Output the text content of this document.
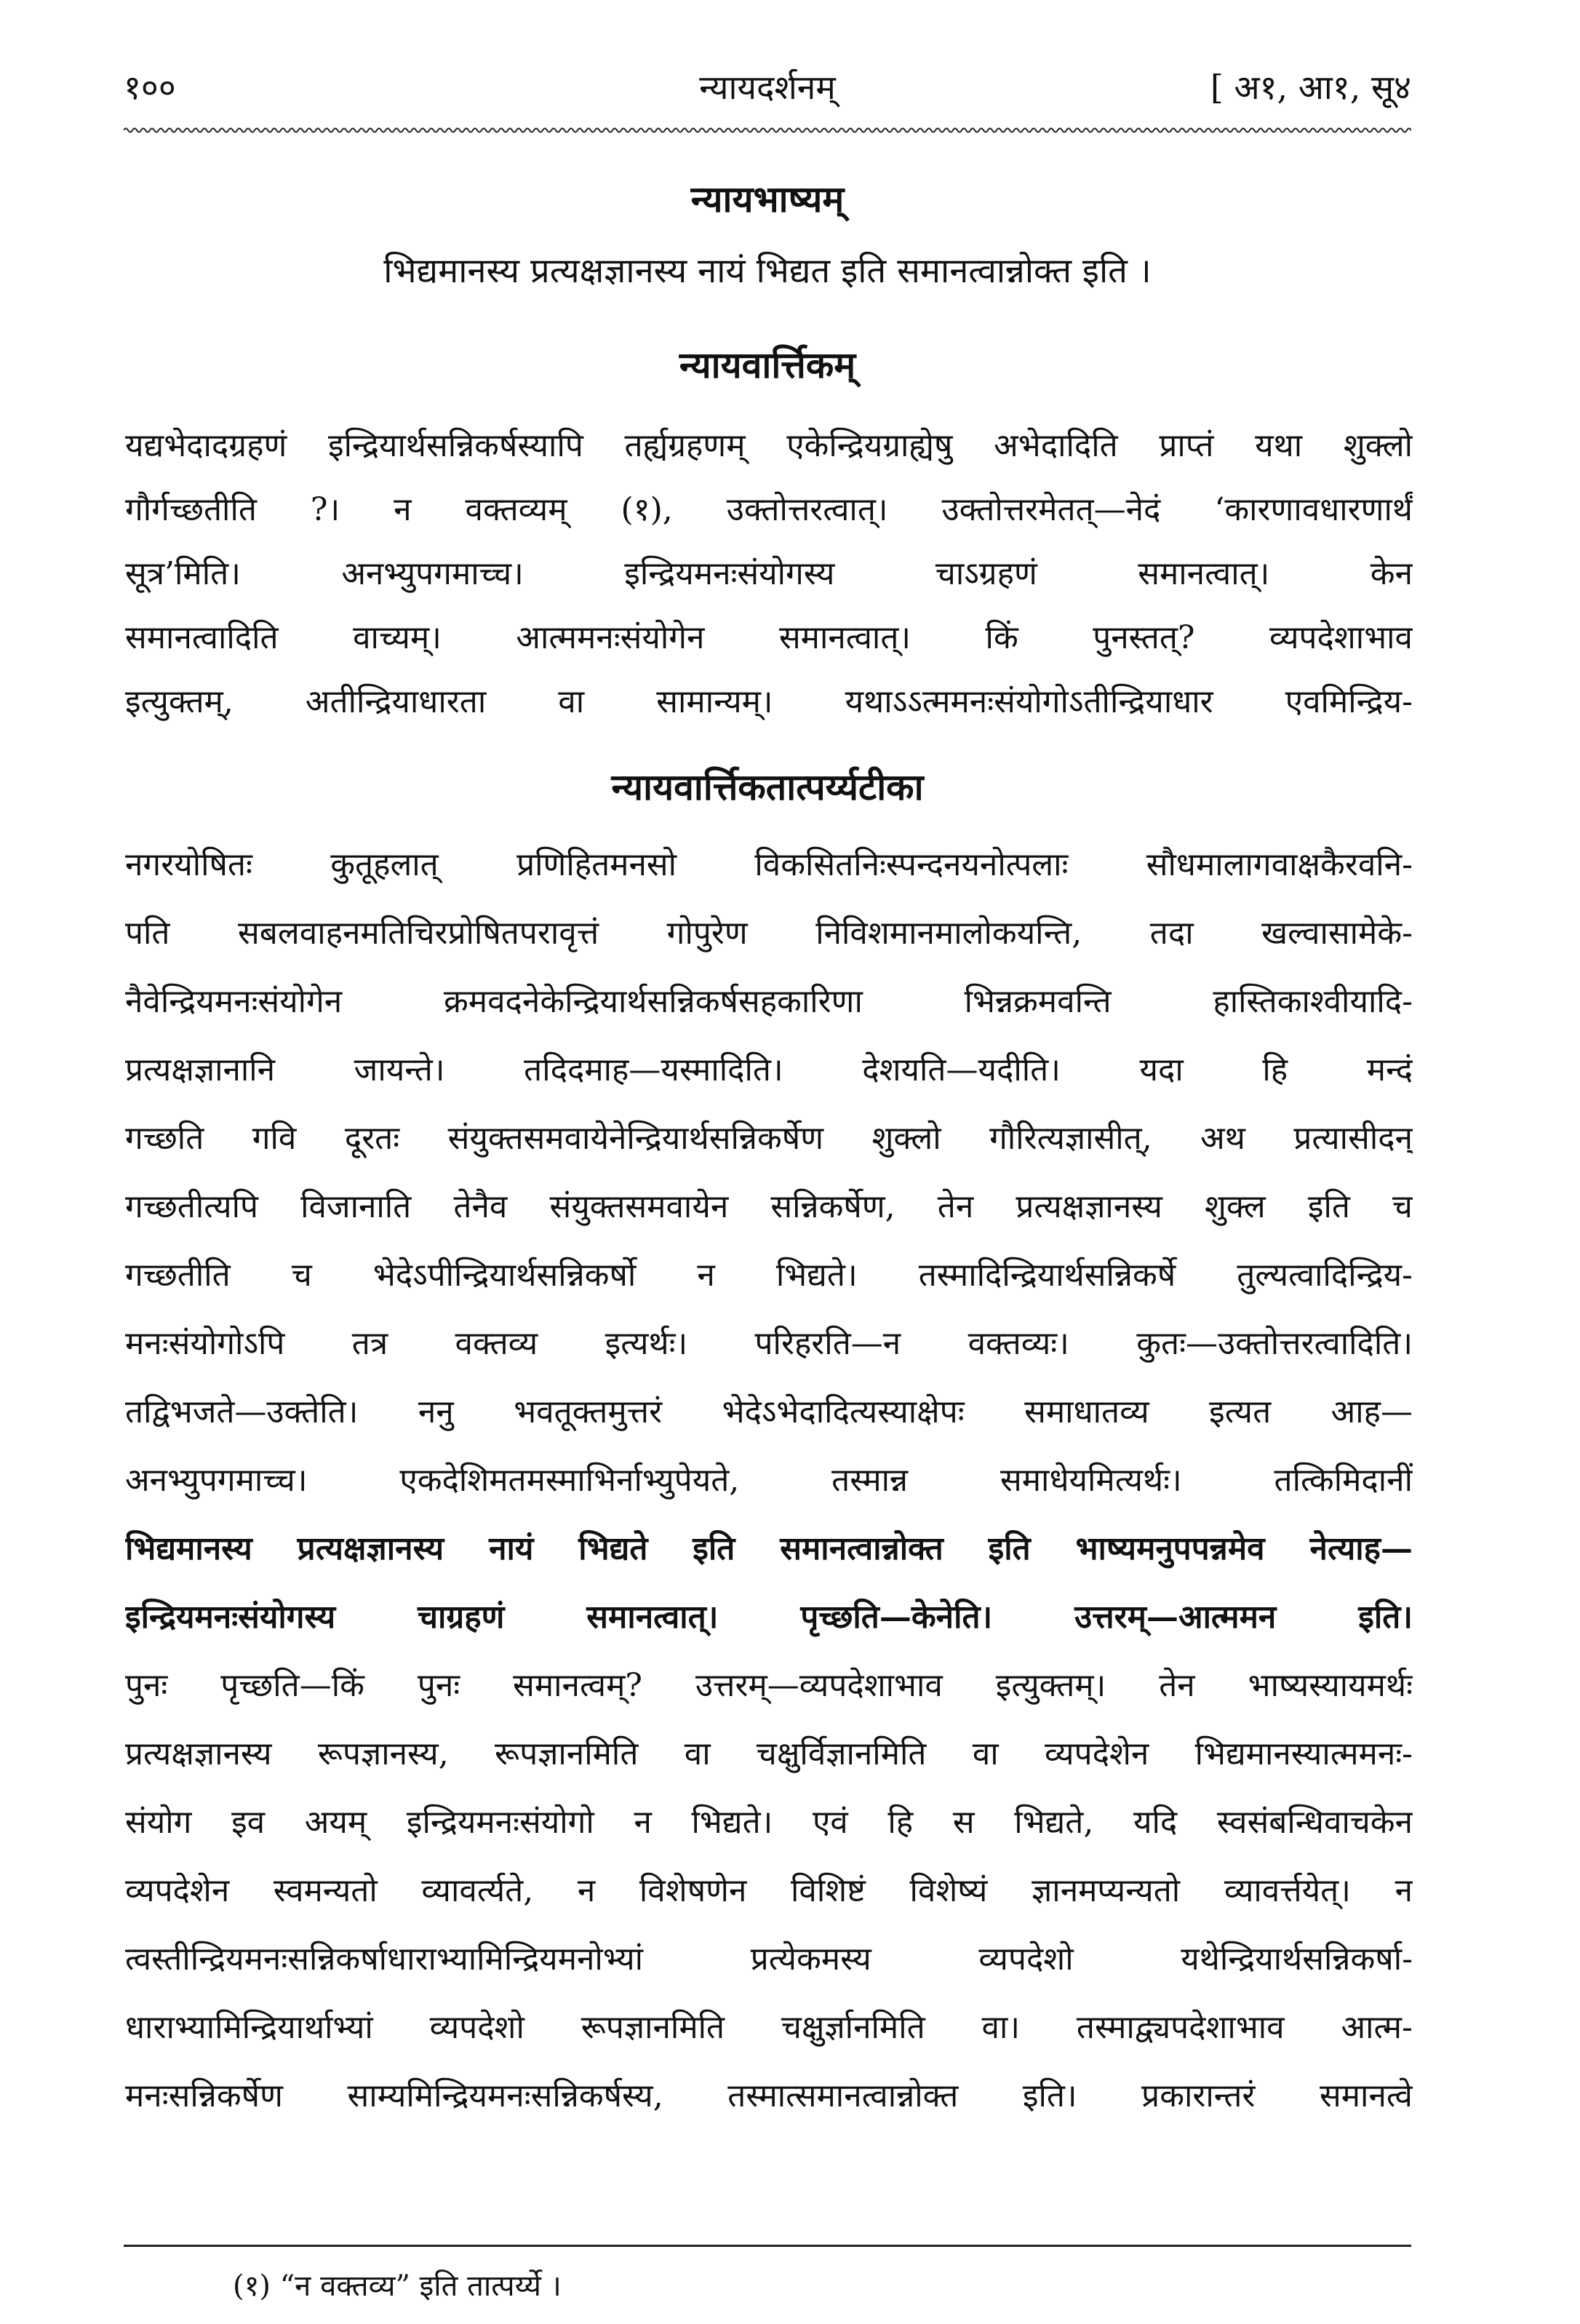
१००	न्यायदर्शनम्	[ अ१, आ१, सू४
न्यायभाष्यम्
भिद्यमानस्य प्रत्यक्षज्ञानस्य नायं भिद्यत इति समानत्वान्नोक्त इति ।
न्यायवार्त्तिकम्
यद्यभेदादग्रहणं इन्द्रियार्थसन्निकर्षस्यापि तर्ह्यग्रहणम् एकेन्द्रियग्राह्येषु अभेदादिति प्राप्तं यथा शुक्लो
गौर्गच्छतीति ?। न वक्तव्यम् (१), उक्तोत्तरत्वात्। उक्तोत्तरमेतत्—नेदं ‘कारणावधारणार्थं
सूत्र’मिति। अनभ्युपगमाच्च। इन्द्रियमनःसंयोगस्य चाऽग्रहणं समानत्वात्। केन
समानत्वादिति वाच्यम्। आत्ममनःसंयोगेन समानत्वात्। किं पुनस्तत्? व्यपदेशाभाव
इत्युक्तम्, अतीन्द्रियाधारता वा सामान्यम्। यथाऽऽत्ममनःसंयोगोऽतीन्द्रियाधार एवमिन्द्रिय-
न्यायवार्त्तिकतात्पर्य्यटीका
नगरयोषितः कुतूहलात् प्रणिहितमनसो विकसितनिःस्पन्दनयनोत्पलाः सौधमालागवाक्षकैरवनि-
पति सबलवाहनमतिचिरप्रोषितपरावृत्तं गोपुरेण निविशमानमालोकयन्ति, तदा खल्वासामेके-
नैवेन्द्रियमनःसंयोगेन क्रमवदनेकेन्द्रियार्थसन्निकर्षसहकारिणा भिन्नक्रमवन्ति हास्तिकाश्वीयादि-
प्रत्यक्षज्ञानानि जायन्ते। तदिदमाह—यस्मादिति। देशयति—यदीति। यदा हि मन्दं
गच्छति गवि दूरतः संयुक्तसमवायेनेन्द्रियार्थसन्निकर्षेण शुक्लो गौरित्यज्ञासीत्, अथ प्रत्यासीदन्
गच्छतीत्यपि विजानाति तेनैव संयुक्तसमवायेन सन्निकर्षेण, तेन प्रत्यक्षज्ञानस्य शुक्ल इति च
गच्छतीति च भेदेऽपीन्द्रियार्थसन्निकर्षो न भिद्यते। तस्मादिन्द्रियार्थसन्निकर्षे तुल्यत्वादिन्द्रिय-
मनःसंयोगोऽपि तत्र वक्तव्य इत्यर्थः। परिहरति—न वक्तव्यः। कुतः—उक्तोत्तरत्वादिति।
तद्विभजते—उक्तेति। ननु भवतूक्तमुत्तरं भेदेऽभेदादित्यस्याक्षेपः समाधातव्य इत्यत आह—
अनभ्युपगमाच्च। एकदेशिमतमस्माभिर्नाभ्युपेयते, तस्मान्न समाधेयमित्यर्थः। तत्किमिदानीं
भिद्यमानस्य प्रत्यक्षज्ञानस्य नायं भिद्यते इति समानत्वान्नोक्त इति भाष्यमनुपपन्नमेव नेत्याह—
इन्द्रियमनःसंयोगस्य चाग्रहणं समानत्वात्। पृच्छति—केनेति। उत्तरम्—आत्ममन इति।
पुनः पृच्छति—किं पुनः समानत्वम्? उत्तरम्—व्यपदेशाभाव इत्युक्तम्। तेन भाष्यस्यायमर्थः
प्रत्यक्षज्ञानस्य रूपज्ञानस्य, रूपज्ञानमिति वा चक्षुर्विज्ञानमिति वा व्यपदेशेन भिद्यमानस्यात्ममनः-
संयोग इव अयम् इन्द्रियमनःसंयोगो न भिद्यते। एवं हि स भिद्यते, यदि स्वसंबन्धिवाचकेन
व्यपदेशेन स्वमन्यतो व्यावर्त्यते, न विशेषणेन विशिष्टं विशेष्यं ज्ञानमप्यन्यतो व्यावर्त्तयेत्। न
त्वस्तीन्द्रियमनःसन्निकर्षाधाराभ्यामिन्द्रियमनोभ्यां प्रत्येकमस्य व्यपदेशो यथेन्द्रियार्थसन्निकर्षा-
धाराभ्यामिन्द्रियार्थाभ्यां व्यपदेशो रूपज्ञानमिति चक्षुर्ज्ञानमिति वा। तस्माद्व्यपदेशाभाव आत्म-
मनःसन्निकर्षेण साम्यमिन्द्रियमनःसन्निकर्षस्य, तस्मात्समानत्वान्नोक्त इति। प्रकारान्तरं समानत्वे
(१) “न वक्तव्य” इति तात्पर्य्ये ।
